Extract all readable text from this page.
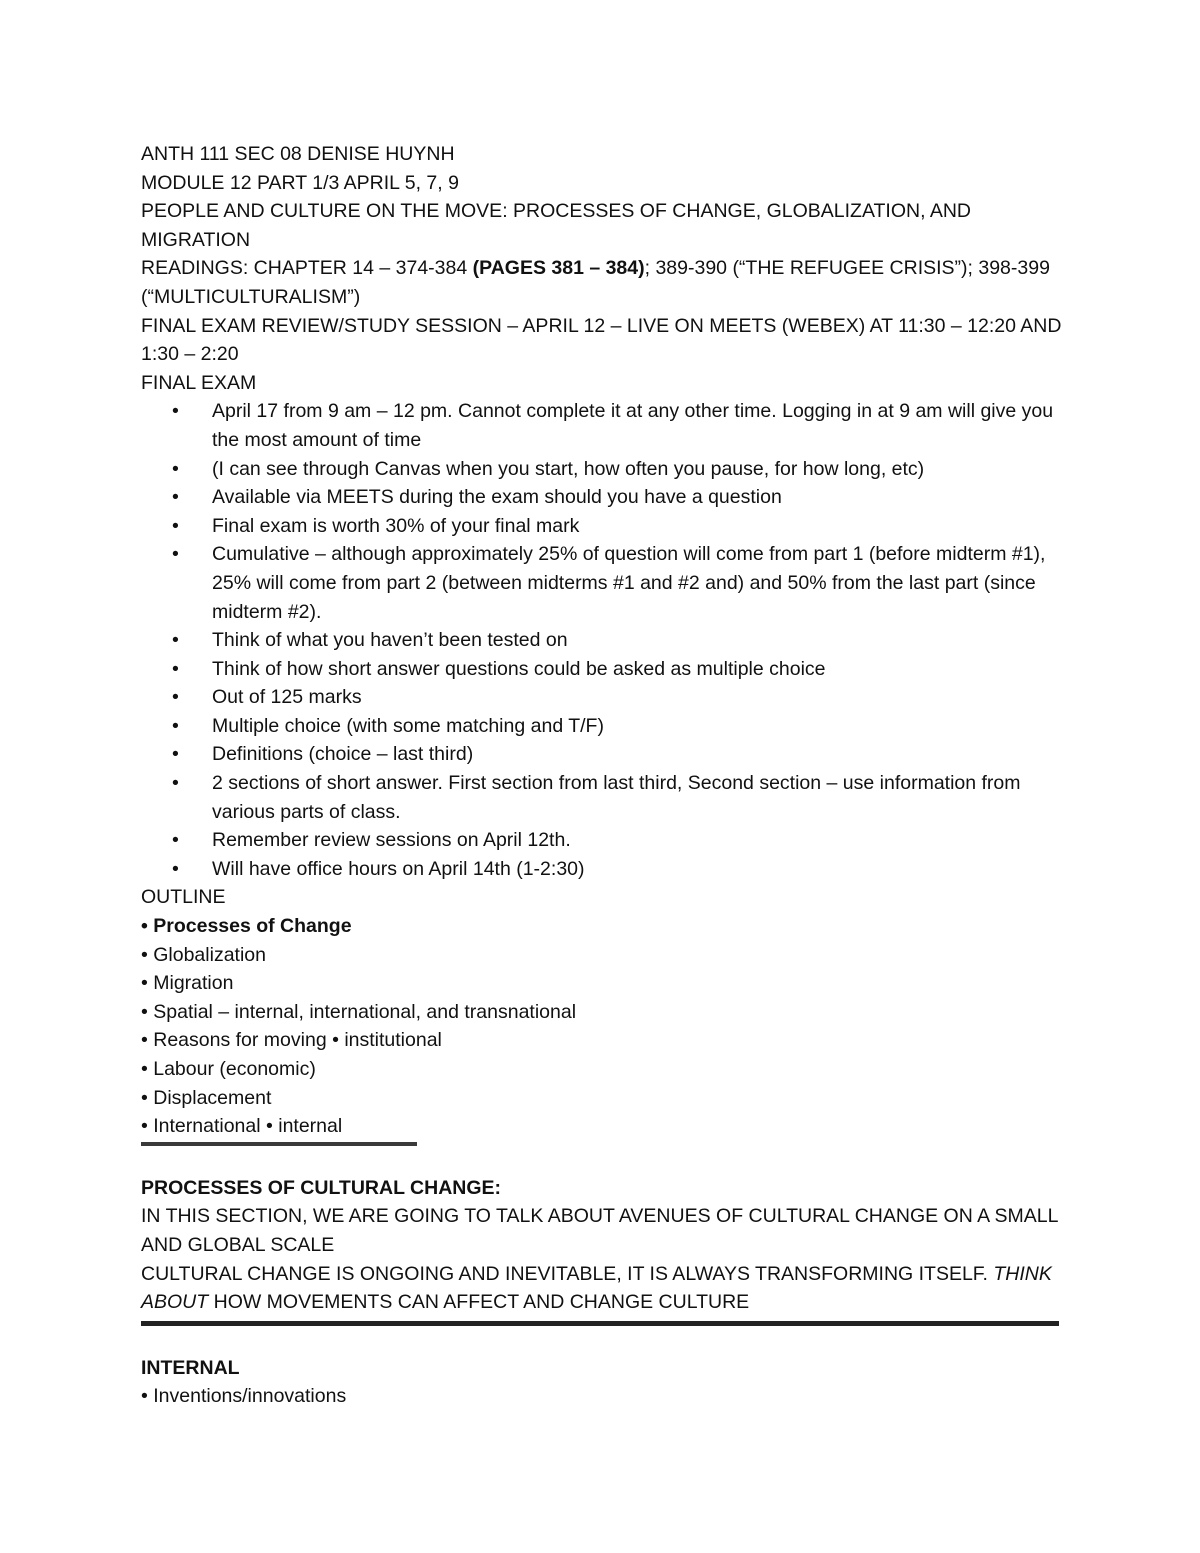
ANTH 111 SEC 08 DENISE HUYNH

MODULE 12 PART 1/3 APRIL 5, 7, 9

PEOPLE AND CULTURE ON THE MOVE: PROCESSES OF CHANGE, GLOBALIZATION, AND MIGRATION

READINGS: CHAPTER 14 – 374-384 (PAGES 381 – 384); 389-390 (“THE REFUGEE CRISIS”); 398-399 (“MULTICULTURALISM”)

FINAL EXAM REVIEW/STUDY SESSION – APRIL 12 – LIVE ON MEETS (WEBEX) AT 11:30 – 12:20 AND 1:30 – 2:20

FINAL EXAM

• April 17 from 9 am – 12 pm. Cannot complete it at any other time. Logging in at 9 am will give you the most amount of time
• (I can see through Canvas when you start, how often you pause, for how long, etc)
• Available via MEETS during the exam should you have a question
• Final exam is worth 30% of your final mark
• Cumulative – although approximately 25% of question will come from part 1 (before midterm #1), 25% will come from part 2 (between midterms #1 and #2 and) and 50% from the last part (since midterm #2).
• Think of what you haven’t been tested on
• Think of how short answer questions could be asked as multiple choice
• Out of 125 marks
• Multiple choice (with some matching and T/F)
• Definitions (choice – last third)
• 2 sections of short answer. First section from last third, Second section – use information from various parts of class.
• Remember review sessions on April 12th.
• Will have office hours on April 14th (1-2:30)

OUTLINE

• Processes of Change

• Globalization

• Migration

• Spatial – internal, international, and transnational

• Reasons for moving • institutional

• Labour (economic)

• Displacement

• International • internal

PROCESSES OF CULTURAL CHANGE:

IN THIS SECTION, WE ARE GOING TO TALK ABOUT AVENUES OF CULTURAL CHANGE ON A SMALL AND GLOBAL SCALE

CULTURAL CHANGE IS ONGOING AND INEVITABLE, IT IS ALWAYS TRANSFORMING ITSELF. THINK ABOUT HOW MOVEMENTS CAN AFFECT AND CHANGE CULTURE

INTERNAL

• Inventions/innovations
